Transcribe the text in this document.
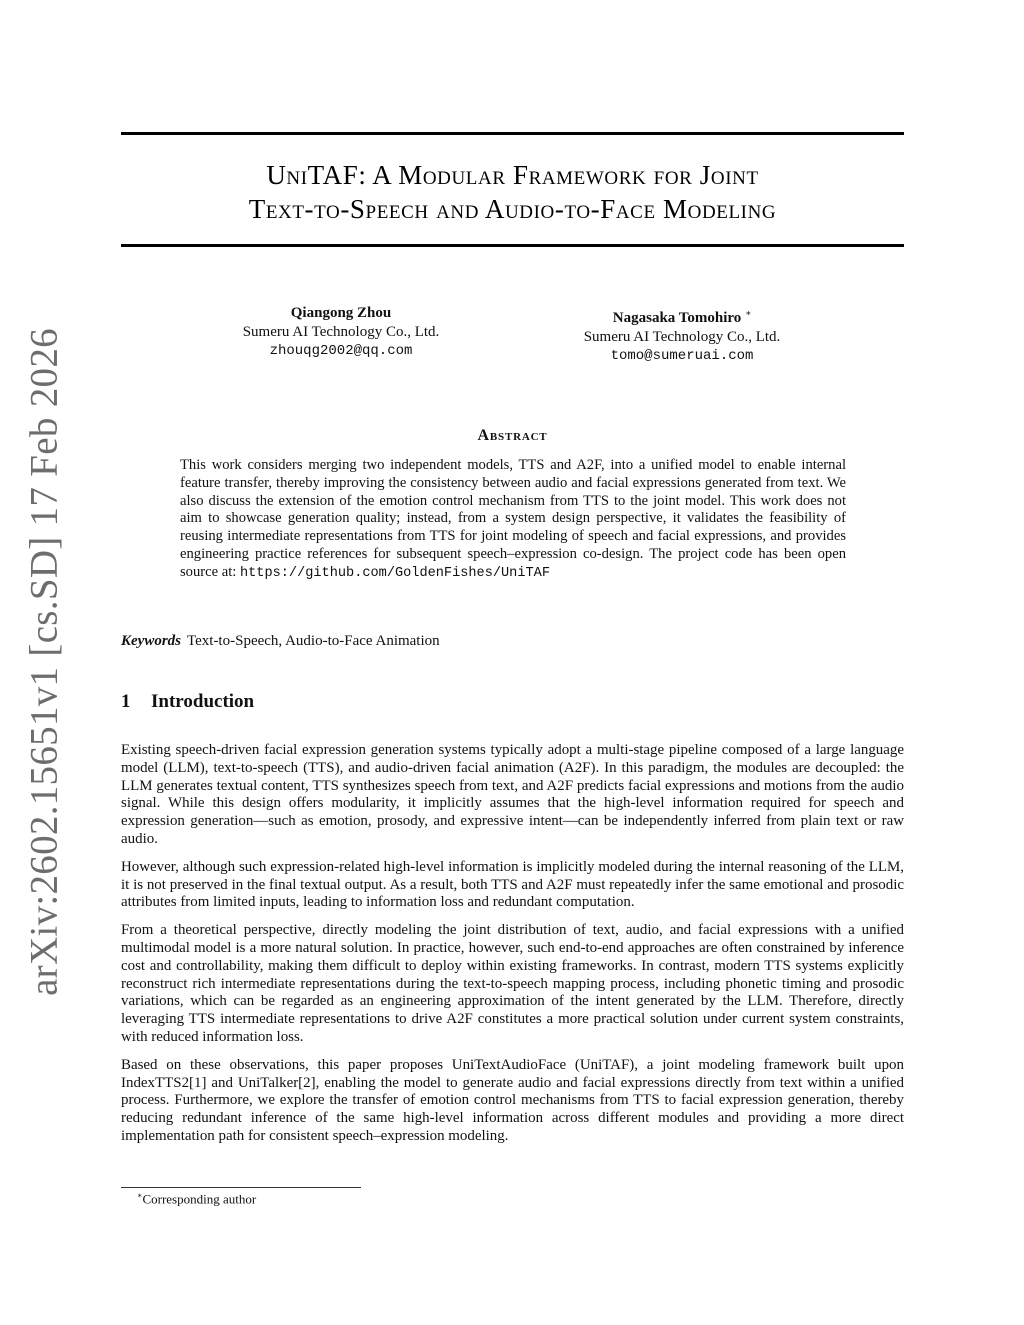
arXiv:2602.15651v1 [cs.SD] 17 Feb 2026
UniTAF: A Modular Framework for Joint
Text-to-Speech and Audio-to-Face Modeling
Qiangong Zhou
Sumeru AI Technology Co., Ltd.
zhouqg2002@qq.com
Nagasaka Tomohiro ∗
Sumeru AI Technology Co., Ltd.
tomo@sumeruai.com
Abstract
This work considers merging two independent models, TTS and A2F, into a unified model to enable internal feature transfer, thereby improving the consistency between audio and facial expressions generated from text. We also discuss the extension of the emotion control mechanism from TTS to the joint model. This work does not aim to showcase generation quality; instead, from a system design perspective, it validates the feasibility of reusing intermediate representations from TTS for joint modeling of speech and facial expressions, and provides engineering practice references for subsequent speech–expression co-design. The project code has been open source at: https://github.com/GoldenFishes/UniTAF
Keywords Text-to-Speech, Audio-to-Face Animation
1 Introduction

Existing speech-driven facial expression generation systems typically adopt a multi-stage pipeline composed of a large language model (LLM), text-to-speech (TTS), and audio-driven facial animation (A2F). In this paradigm, the modules are decoupled: the LLM generates textual content, TTS synthesizes speech from text, and A2F predicts facial expressions and motions from the audio signal. While this design offers modularity, it implicitly assumes that the high-level information required for speech and expression generation—such as emotion, prosody, and expressive intent—can be independently inferred from plain text or raw audio.

However, although such expression-related high-level information is implicitly modeled during the internal reasoning of the LLM, it is not preserved in the final textual output. As a result, both TTS and A2F must repeatedly infer the same emotional and prosodic attributes from limited inputs, leading to information loss and redundant computation.

From a theoretical perspective, directly modeling the joint distribution of text, audio, and facial expressions with a unified multimodal model is a more natural solution. In practice, however, such end-to-end approaches are often constrained by inference cost and controllability, making them difficult to deploy within existing frameworks. In contrast, modern TTS systems explicitly reconstruct rich intermediate representations during the text-to-speech mapping process, including phonetic timing and prosodic variations, which can be regarded as an engineering approximation of the intent generated by the LLM. Therefore, directly leveraging TTS intermediate representations to drive A2F constitutes a more practical solution under current system constraints, with reduced information loss.

Based on these observations, this paper proposes UniTextAudioFace (UniTAF), a joint modeling framework built upon IndexTTS2[1] and UniTalker[2], enabling the model to generate audio and facial expressions directly from text within a unified process. Furthermore, we explore the transfer of emotion control mechanisms from TTS to facial expression generation, thereby reducing redundant inference of the same high-level information across different modules and providing a more direct implementation path for consistent speech–expression modeling.

∗Corresponding author
